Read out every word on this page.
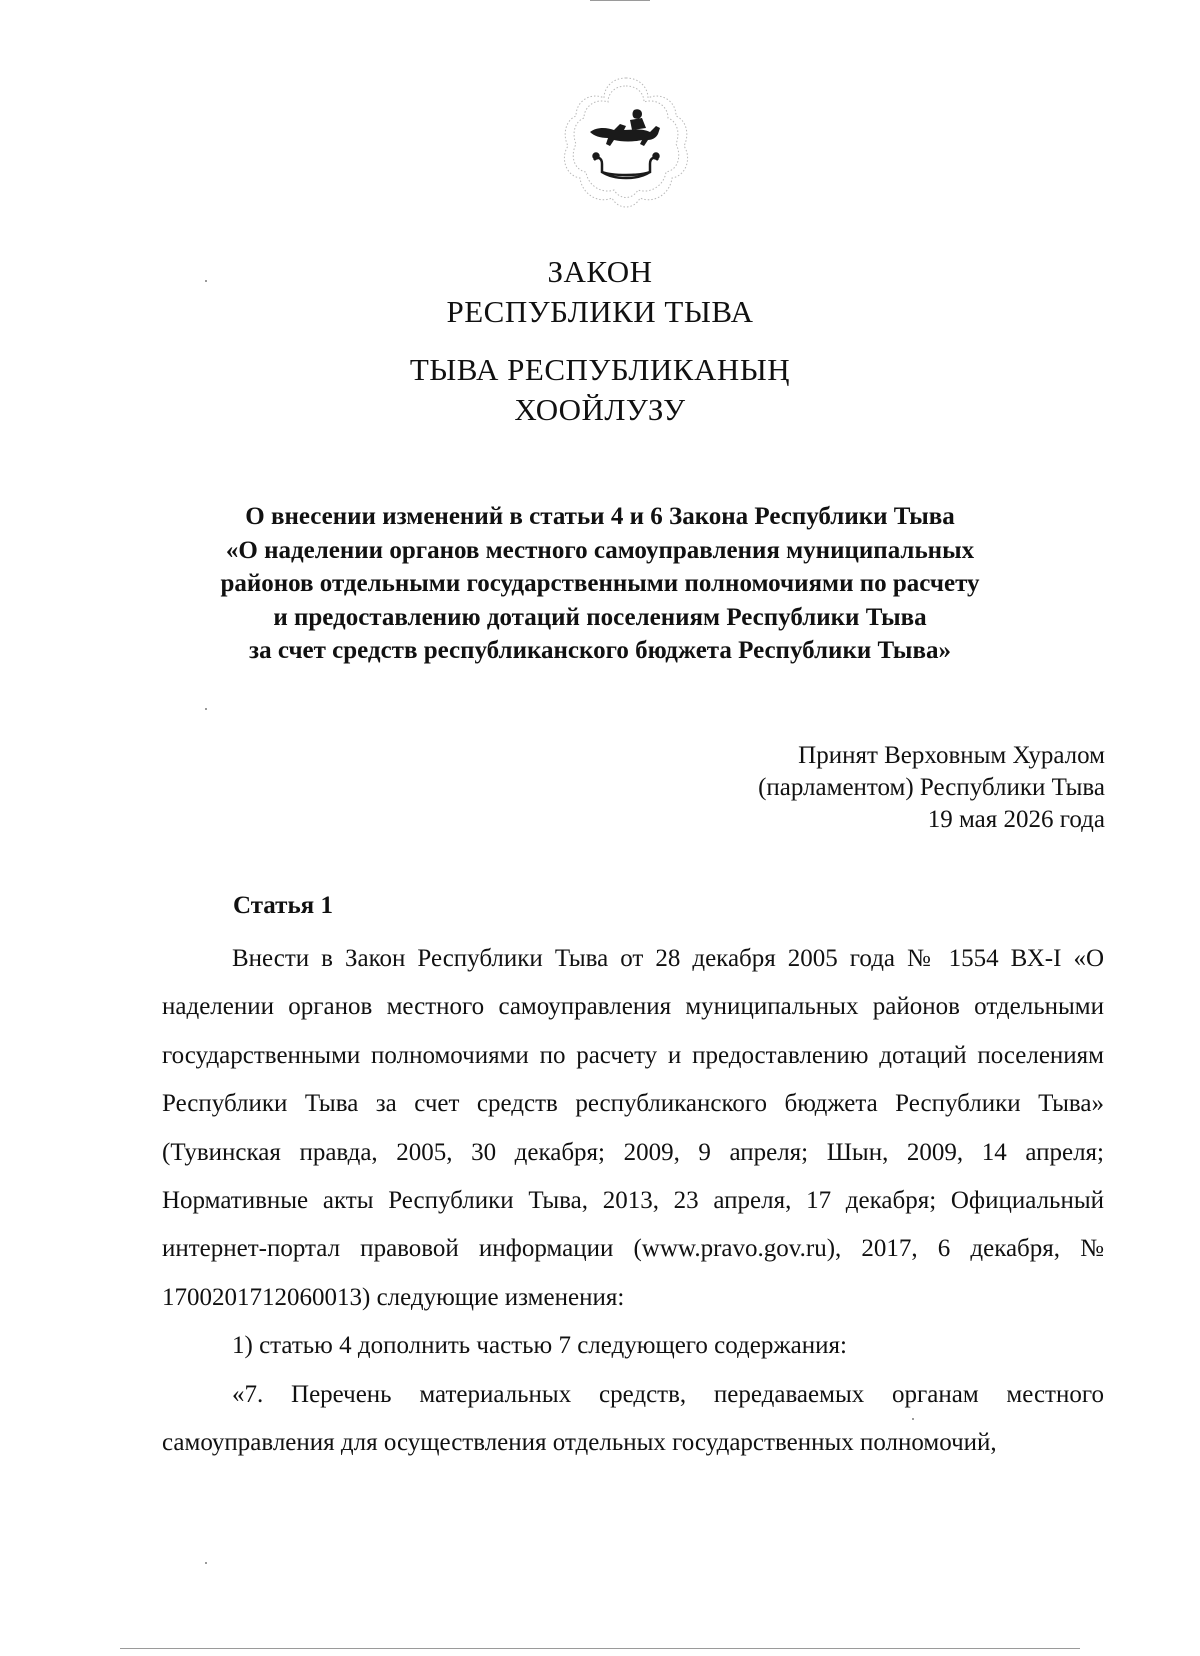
ЗАКОН
РЕСПУБЛИКИ ТЫВА
ТЫВА РЕСПУБЛИКАНЫҢ
ХООЙЛУЗУ
О внесении изменений в статьи 4 и 6 Закона Республики Тыва
«О наделении органов местного самоуправления муниципальных
районов отдельными государственными полномочиями по расчету
и предоставлению дотаций поселениям Республики Тыва
за счет средств республиканского бюджета Республики Тыва»
Принят Верховным Хуралом
(парламентом) Республики Тыва
19 мая 2026 года
Статья 1

Внести в Закон Республики Тыва от 28 декабря 2005 года № 1554 ВХ-I «О наделении органов местного самоуправления муниципальных районов отдельными государственными полномочиями по расчету и предоставлению дотаций поселениям Республики Тыва за счет средств республиканского бюджета Республики Тыва» (Тувинская правда, 2005, 30 декабря; 2009, 9 апреля; Шын, 2009, 14 апреля; Нормативные акты Республики Тыва, 2013, 23 апреля, 17 декабря; Официальный интернет-портал правовой информации (www.pravo.gov.ru), 2017, 6 декабря, № 1700201712060013) следующие изменения:

1) статью 4 дополнить частью 7 следующего содержания:

«7. Перечень материальных средств, передаваемых органам местного самоуправления для осуществления отдельных государственных полномочий,
